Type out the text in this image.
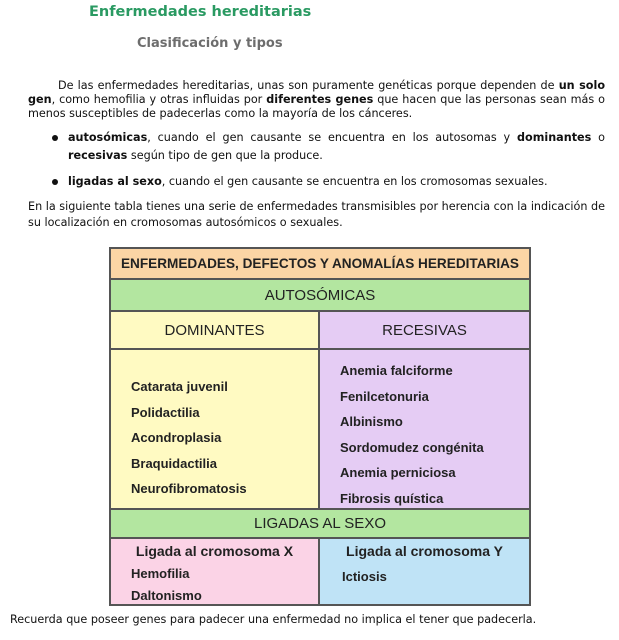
Enfermedades hereditarias
Clasificación y tipos

De las enfermedades hereditarias, unas son puramente genéticas porque dependen de un solo gen, como hemofilia y otras influidas por diferentes genes que hacen que las personas sean más o menos susceptibles de padecerlas como la mayoría de los cánceres.

autosómicas, cuando el gen causante se encuentra en los autosomas y dominantes o recesivas según tipo de gen que la produce.

ligadas al sexo, cuando el gen causante se encuentra en los cromosomas sexuales.

En la siguiente tabla tienes una serie de enfermedades transmisibles por herencia con la indicación de su localización en cromosomas autosómicos o sexuales.

ENFERMEDADES, DEFECTOS Y ANOMALÍAS HEREDITARIAS
AUTOSÓMICAS
DOMINANTES	RECESIVAS
Catarata juvenil
Polidactilia
Acondroplasia
Braquidactilia
Neurofibromatosis
Anemia falciforme
Fenilcetonuria
Albinismo
Sordomudez congénita
Anemia perniciosa
Fibrosis quística
LIGADAS AL SEXO
Ligada al cromosoma X	Ligada al cromosoma Y
Hemofilia
Daltonismo
Ictiosis

Recuerda que poseer genes para padecer una enfermedad no implica el tener que padecerla.
